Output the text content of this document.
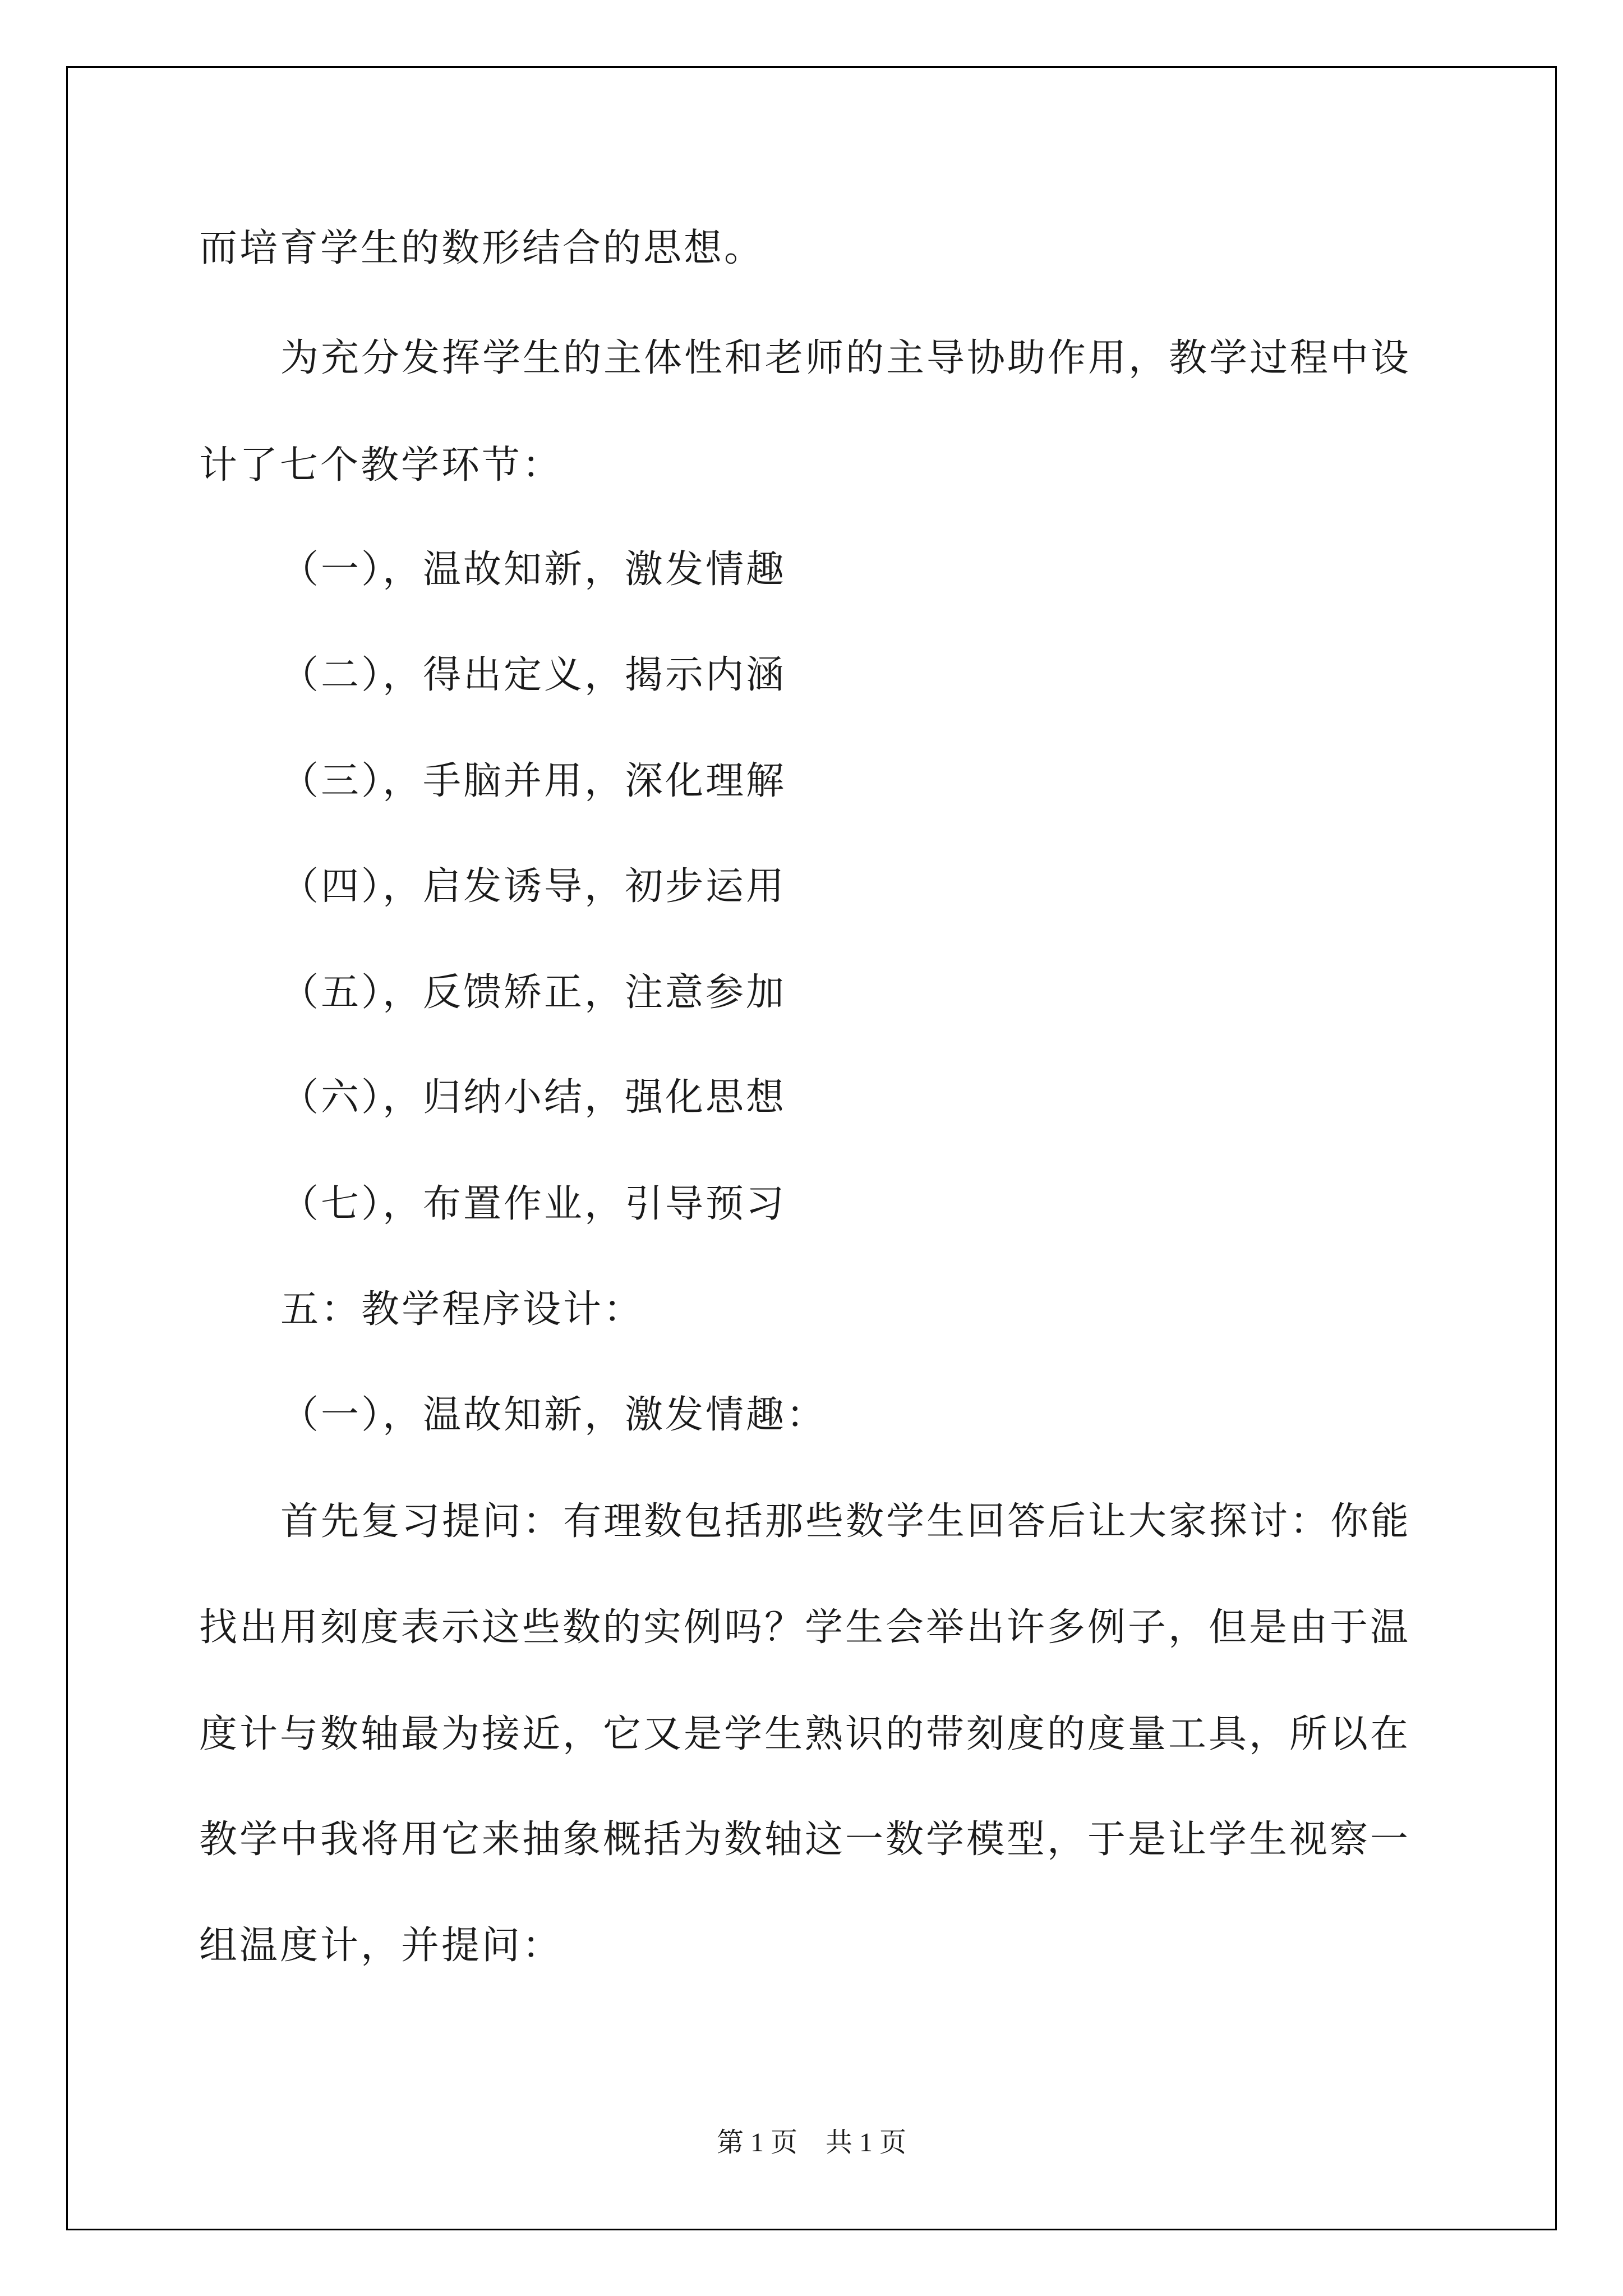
而培育学生的数形结合的思想。

为充分发挥学生的主体性和老师的主导协助作用，教学过程中设

计了七个教学环节：

（一），温故知新，激发情趣

（二），得出定义，揭示内涵

（三），手脑并用，深化理解

（四），启发诱导，初步运用

（五），反馈矫正，注意参加

（六），归纳小结，强化思想

（七），布置作业，引导预习

五：教学程序设计：

（一），温故知新，激发情趣：

首先复习提问：有理数包括那些数学生回答后让大家探讨：你能

找出用刻度表示这些数的实例吗？学生会举出许多例子，但是由于温

度计与数轴最为接近，它又是学生熟识的带刻度的度量工具，所以在

教学中我将用它来抽象概括为数轴这一数学模型，于是让学生视察一

组温度计，并提问：

第 1 页 共 1 页
